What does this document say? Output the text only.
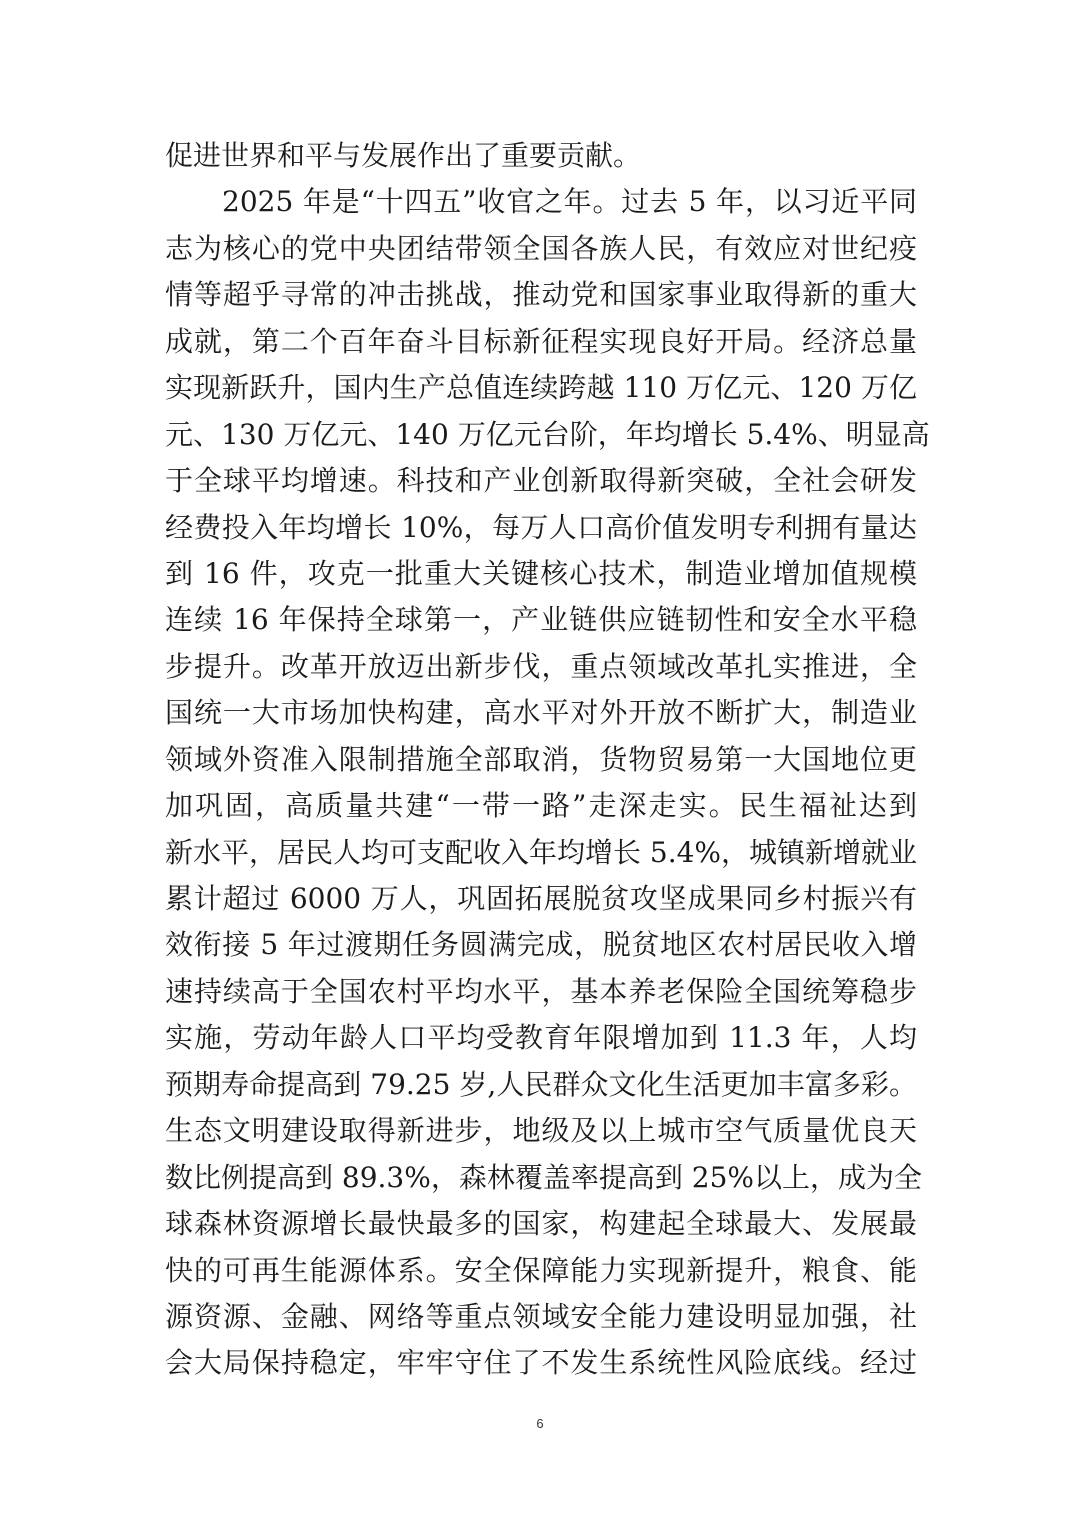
促进世界和平与发展作出了重要贡献。
2025 年是“十四五”收官之年。过去 5 年，以习近平同
志为核心的党中央团结带领全国各族人民，有效应对世纪疫
情等超乎寻常的冲击挑战，推动党和国家事业取得新的重大
成就，第二个百年奋斗目标新征程实现良好开局。经济总量
实现新跃升，国内生产总值连续跨越 110 万亿元、120 万亿
元、130 万亿元、140 万亿元台阶，年均增长 5.4%、明显高
于全球平均增速。科技和产业创新取得新突破，全社会研发
经费投入年均增长 10%，每万人口高价值发明专利拥有量达
到 16 件，攻克一批重大关键核心技术，制造业增加值规模
连续 16 年保持全球第一，产业链供应链韧性和安全水平稳
步提升。改革开放迈出新步伐，重点领域改革扎实推进，全
国统一大市场加快构建，高水平对外开放不断扩大，制造业
领域外资准入限制措施全部取消，货物贸易第一大国地位更
加巩固，高质量共建“一带一路”走深走实。民生福祉达到
新水平，居民人均可支配收入年均增长 5.4%，城镇新增就业
累计超过 6000 万人，巩固拓展脱贫攻坚成果同乡村振兴有
效衔接 5 年过渡期任务圆满完成，脱贫地区农村居民收入增
速持续高于全国农村平均水平，基本养老保险全国统筹稳步
实施，劳动年龄人口平均受教育年限增加到 11.3 年，人均
预期寿命提高到 79.25 岁,人民群众文化生活更加丰富多彩。
生态文明建设取得新进步，地级及以上城市空气质量优良天
数比例提高到 89.3%，森林覆盖率提高到 25%以上，成为全
球森林资源增长最快最多的国家，构建起全球最大、发展最
快的可再生能源体系。安全保障能力实现新提升，粮食、能
源资源、金融、网络等重点领域安全能力建设明显加强，社
会大局保持稳定，牢牢守住了不发生系统性风险底线。经过
6
